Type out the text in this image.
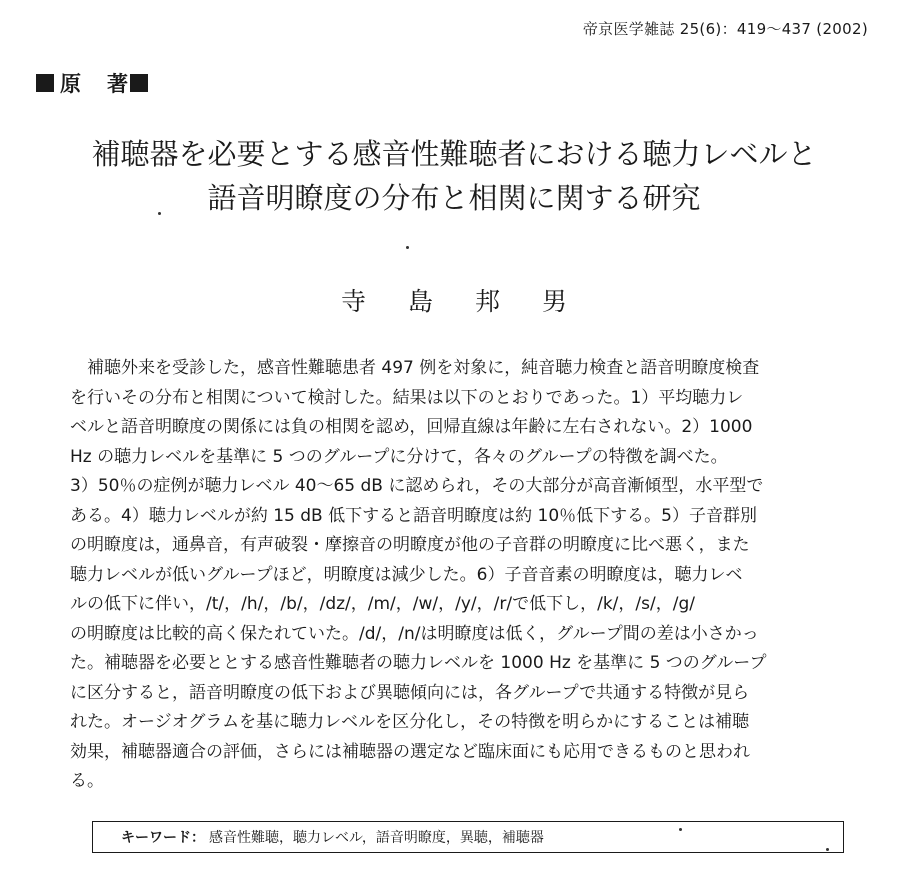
帝京医学雑誌 25(6)：419〜437 (2002)
原 著
補聴器を必要とする感音性難聴者における聴力レベルと
語音明瞭度の分布と相関に関する研究
寺島邦男
　補聴外来を受診した，感音性難聴患者 497 例を対象に，純音聴力検査と語音明瞭度検査
を行いその分布と相関について検討した。結果は以下のとおりであった。1）平均聴力レ
ベルと語音明瞭度の関係には負の相関を認め，回帰直線は年齢に左右されない。2）1000
Hz の聴力レベルを基準に 5 つのグループに分けて，各々のグループの特徴を調べた。
3）50％の症例が聴力レベル 40〜65 dB に認められ，その大部分が高音漸傾型，水平型で
ある。4）聴力レベルが約 15 dB 低下すると語音明瞭度は約 10％低下する。5）子音群別
の明瞭度は，通鼻音，有声破裂・摩擦音の明瞭度が他の子音群の明瞭度に比べ悪く，また
聴力レベルが低いグループほど，明瞭度は減少した。6）子音音素の明瞭度は，聴力レベ
ルの低下に伴い，/t/，/h/，/b/，/dz/，/m/，/w/，/y/，/r/で低下し，/k/，/s/，/g/
の明瞭度は比較的高く保たれていた。/d/，/n/は明瞭度は低く，グループ間の差は小さかっ
た。補聴器を必要ととする感音性難聴者の聴力レベルを 1000 Hz を基準に 5 つのグループ
に区分すると，語音明瞭度の低下および異聴傾向には，各グループで共通する特徴が見ら
れた。オージオグラムを基に聴力レベルを区分化し，その特徴を明らかにすることは補聴
効果，補聴器適合の評価，さらには補聴器の選定など臨床面にも応用できるものと思われ
る。
キーワード： 感音性難聴，聴力レベル，語音明瞭度，異聴，補聴器
